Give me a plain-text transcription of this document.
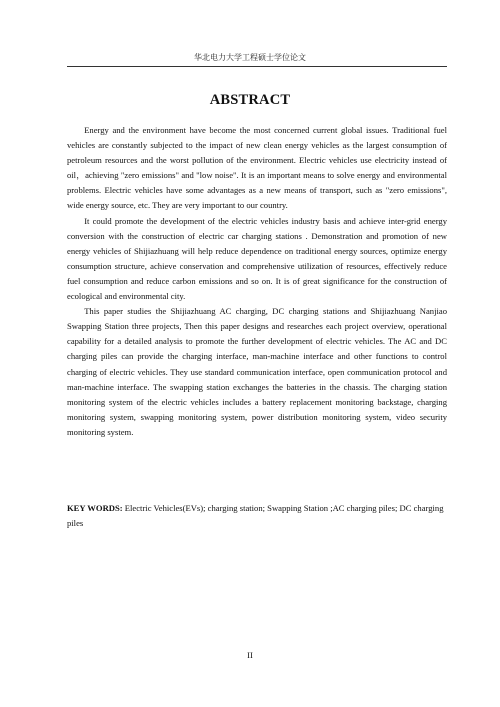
华北电力大学工程硕士学位论文
ABSTRACT

Energy and the environment have become the most concerned current global issues. Traditional fuel vehicles are constantly subjected to the impact of new clean energy vehicles as the largest consumption of petroleum resources and the worst pollution of the environment. Electric vehicles use electricity instead of oil，achieving "zero emissions" and "low noise". It is an important means to solve energy and environmental problems. Electric vehicles have some advantages as a new means of transport, such as "zero emissions", wide energy source, etc. They are very important to our country.

It could promote the development of the electric vehicles industry basis and achieve inter-grid energy conversion with the construction of electric car charging stations . Demonstration and promotion of new energy vehicles of Shijiazhuang will help reduce dependence on traditional energy sources, optimize energy consumption structure, achieve conservation and comprehensive utilization of resources, effectively reduce fuel consumption and reduce carbon emissions and so on. It is of great significance for the construction of ecological and environmental city.

This paper studies the Shijiazhuang AC charging, DC charging stations and Shijiazhuang Nanjiao Swapping Station three projects, Then this paper designs and researches each project overview, operational capability for a detailed analysis to promote the further development of electric vehicles. The AC and DC charging piles can provide the charging interface, man-machine interface and other functions to control charging of electric vehicles. They use standard communication interface, open communication protocol and man-machine interface. The swapping station exchanges the batteries in the chassis. The charging station monitoring system of the electric vehicles includes a battery replacement monitoring backstage, charging monitoring system, swapping monitoring system, power distribution monitoring system, video security monitoring system.

KEY WORDS: Electric Vehicles(EVs); charging station; Swapping Station ;AC charging piles; DC charging piles
II
